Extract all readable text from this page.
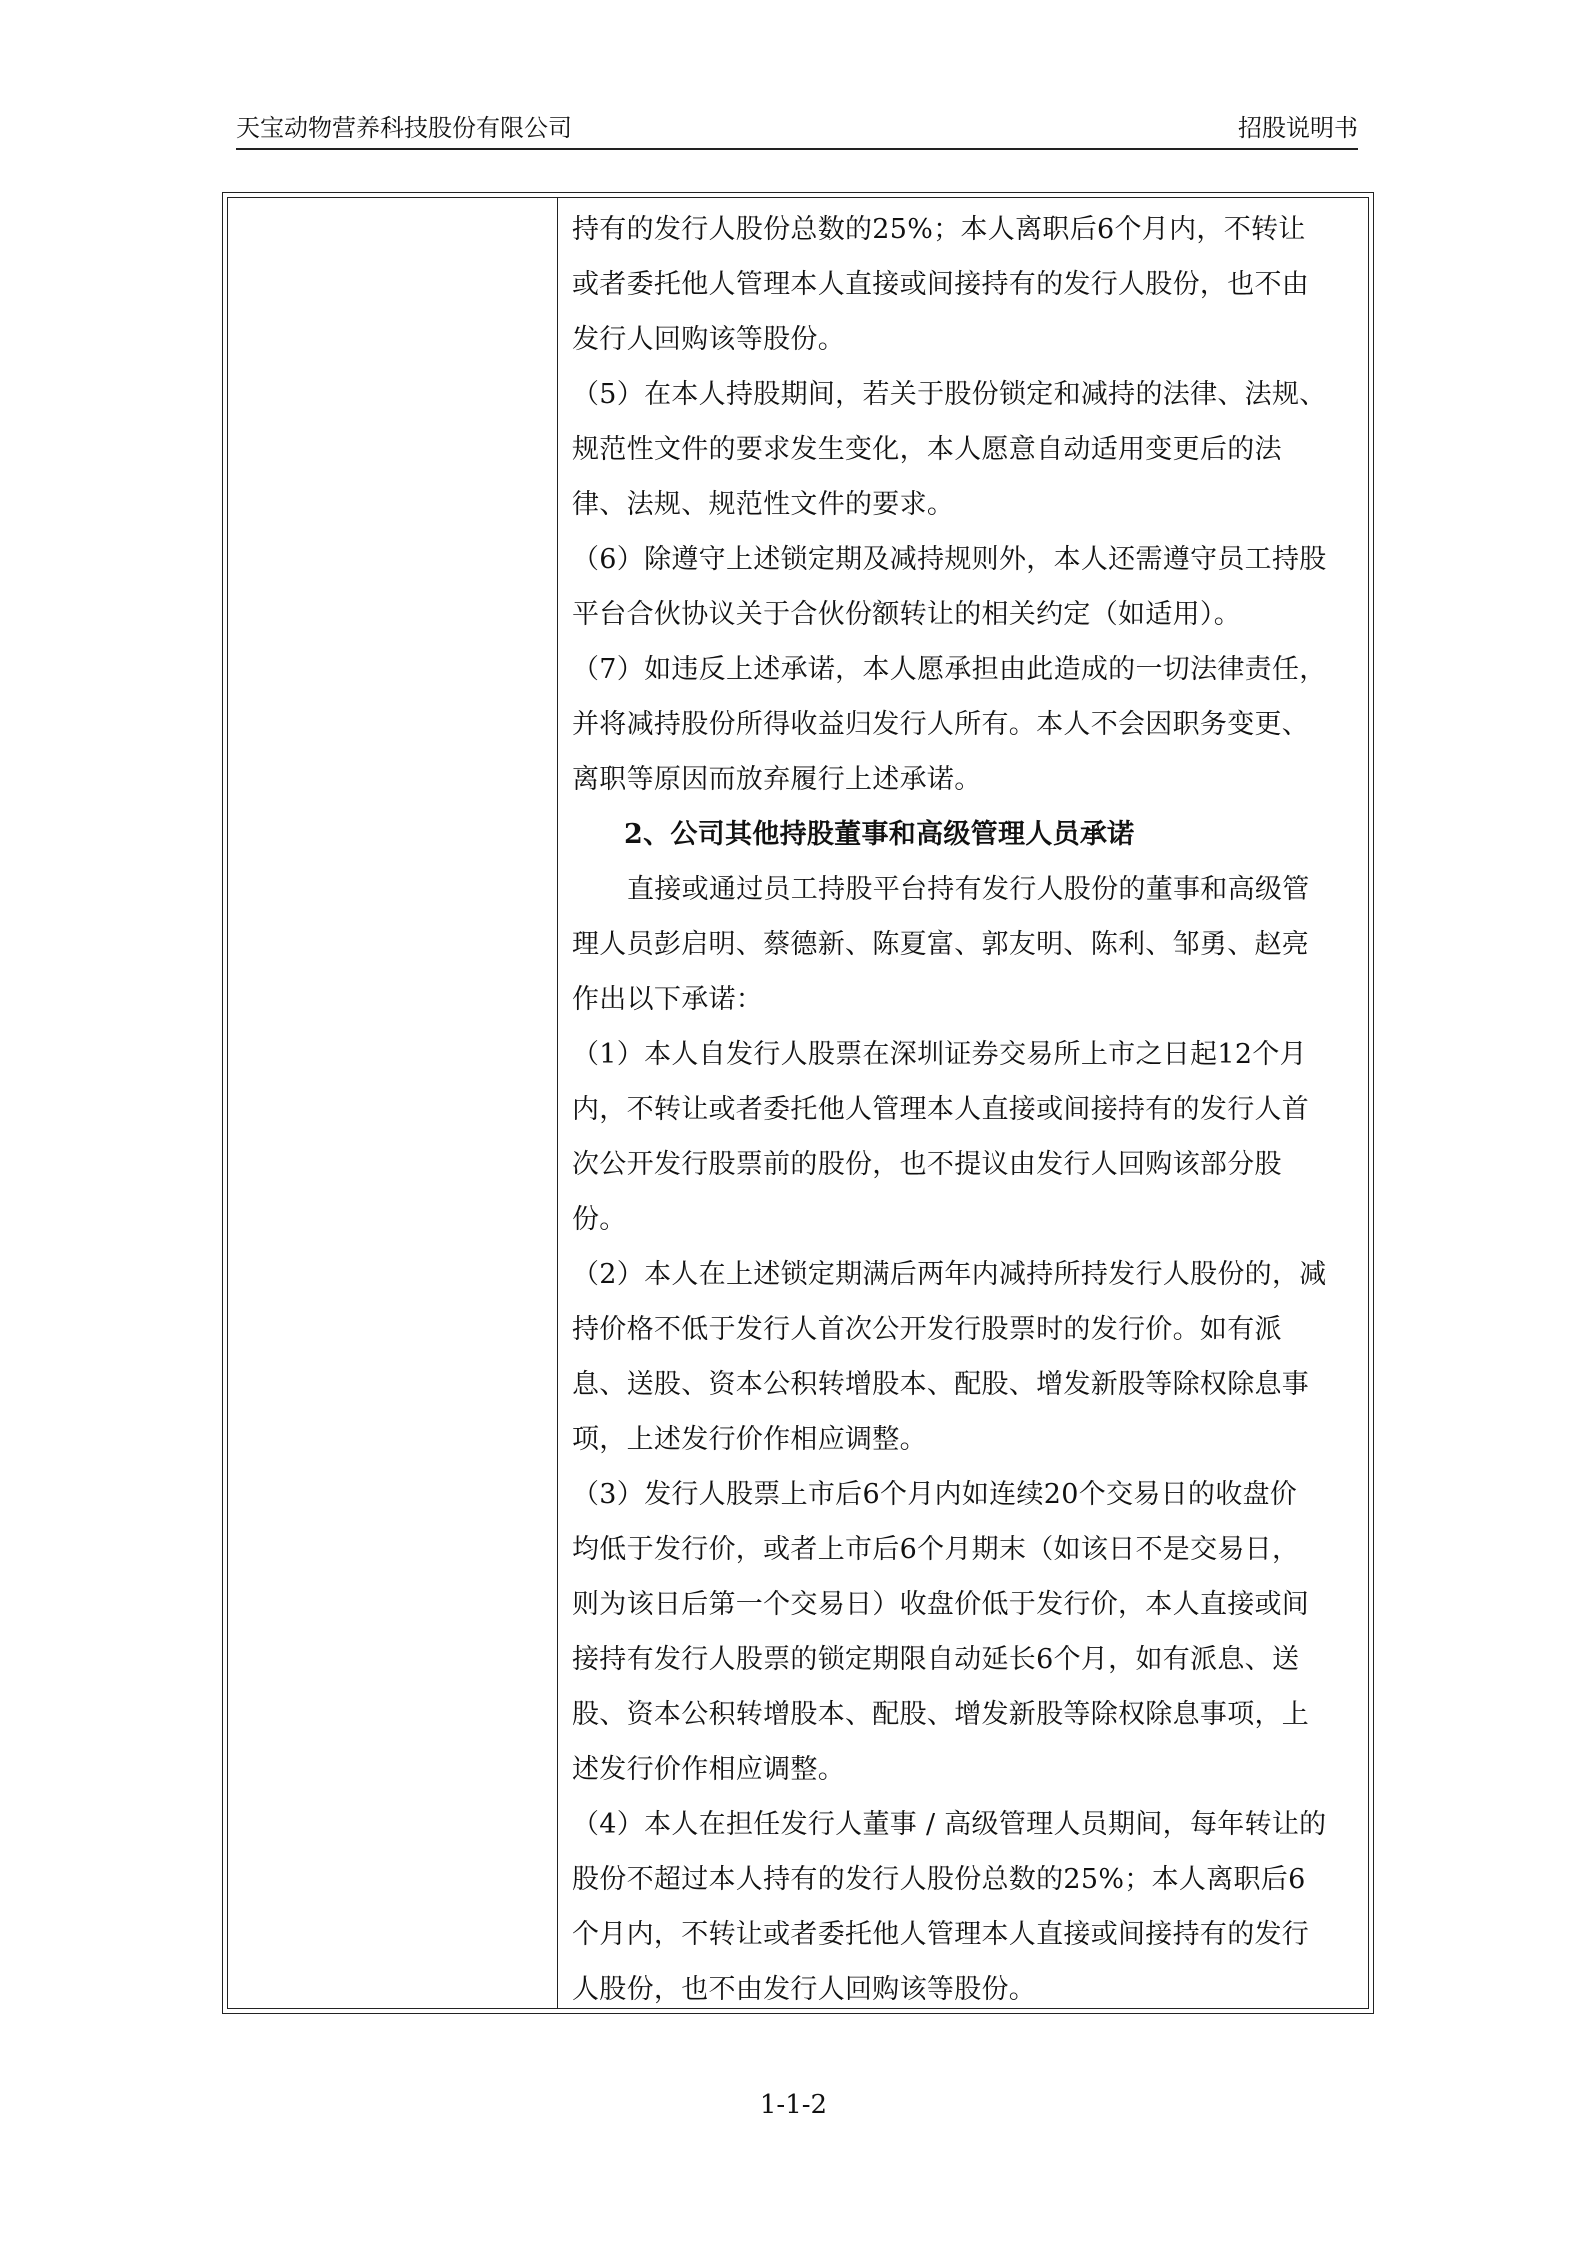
天宝动物营养科技股份有限公司	招股说明书
持有的发行人股份总数的25%；本人离职后6个月内，不转让
或者委托他人管理本人直接或间接持有的发行人股份，也不由
发行人回购该等股份。
（5）在本人持股期间，若关于股份锁定和减持的法律、法规、
规范性文件的要求发生变化，本人愿意自动适用变更后的法
律、法规、规范性文件的要求。
（6）除遵守上述锁定期及减持规则外，本人还需遵守员工持股
平台合伙协议关于合伙份额转让的相关约定（如适用）。
（7）如违反上述承诺，本人愿承担由此造成的一切法律责任，
并将减持股份所得收益归发行人所有。本人不会因职务变更、
离职等原因而放弃履行上述承诺。
2、公司其他持股董事和高级管理人员承诺
直接或通过员工持股平台持有发行人股份的董事和高级管
理人员彭启明、蔡德新、陈夏富、郭友明、陈利、邹勇、赵亮
作出以下承诺：
（1）本人自发行人股票在深圳证券交易所上市之日起12个月
内，不转让或者委托他人管理本人直接或间接持有的发行人首
次公开发行股票前的股份，也不提议由发行人回购该部分股
份。
（2）本人在上述锁定期满后两年内减持所持发行人股份的，减
持价格不低于发行人首次公开发行股票时的发行价。如有派
息、送股、资本公积转增股本、配股、增发新股等除权除息事
项，上述发行价作相应调整。
（3）发行人股票上市后6个月内如连续20个交易日的收盘价
均低于发行价，或者上市后6个月期末（如该日不是交易日，
则为该日后第一个交易日）收盘价低于发行价，本人直接或间
接持有发行人股票的锁定期限自动延长6个月，如有派息、送
股、资本公积转增股本、配股、增发新股等除权除息事项，上
述发行价作相应调整。
（4）本人在担任发行人董事 / 高级管理人员期间，每年转让的
股份不超过本人持有的发行人股份总数的25%；本人离职后6
个月内，不转让或者委托他人管理本人直接或间接持有的发行
人股份，也不由发行人回购该等股份。
1-1-2
